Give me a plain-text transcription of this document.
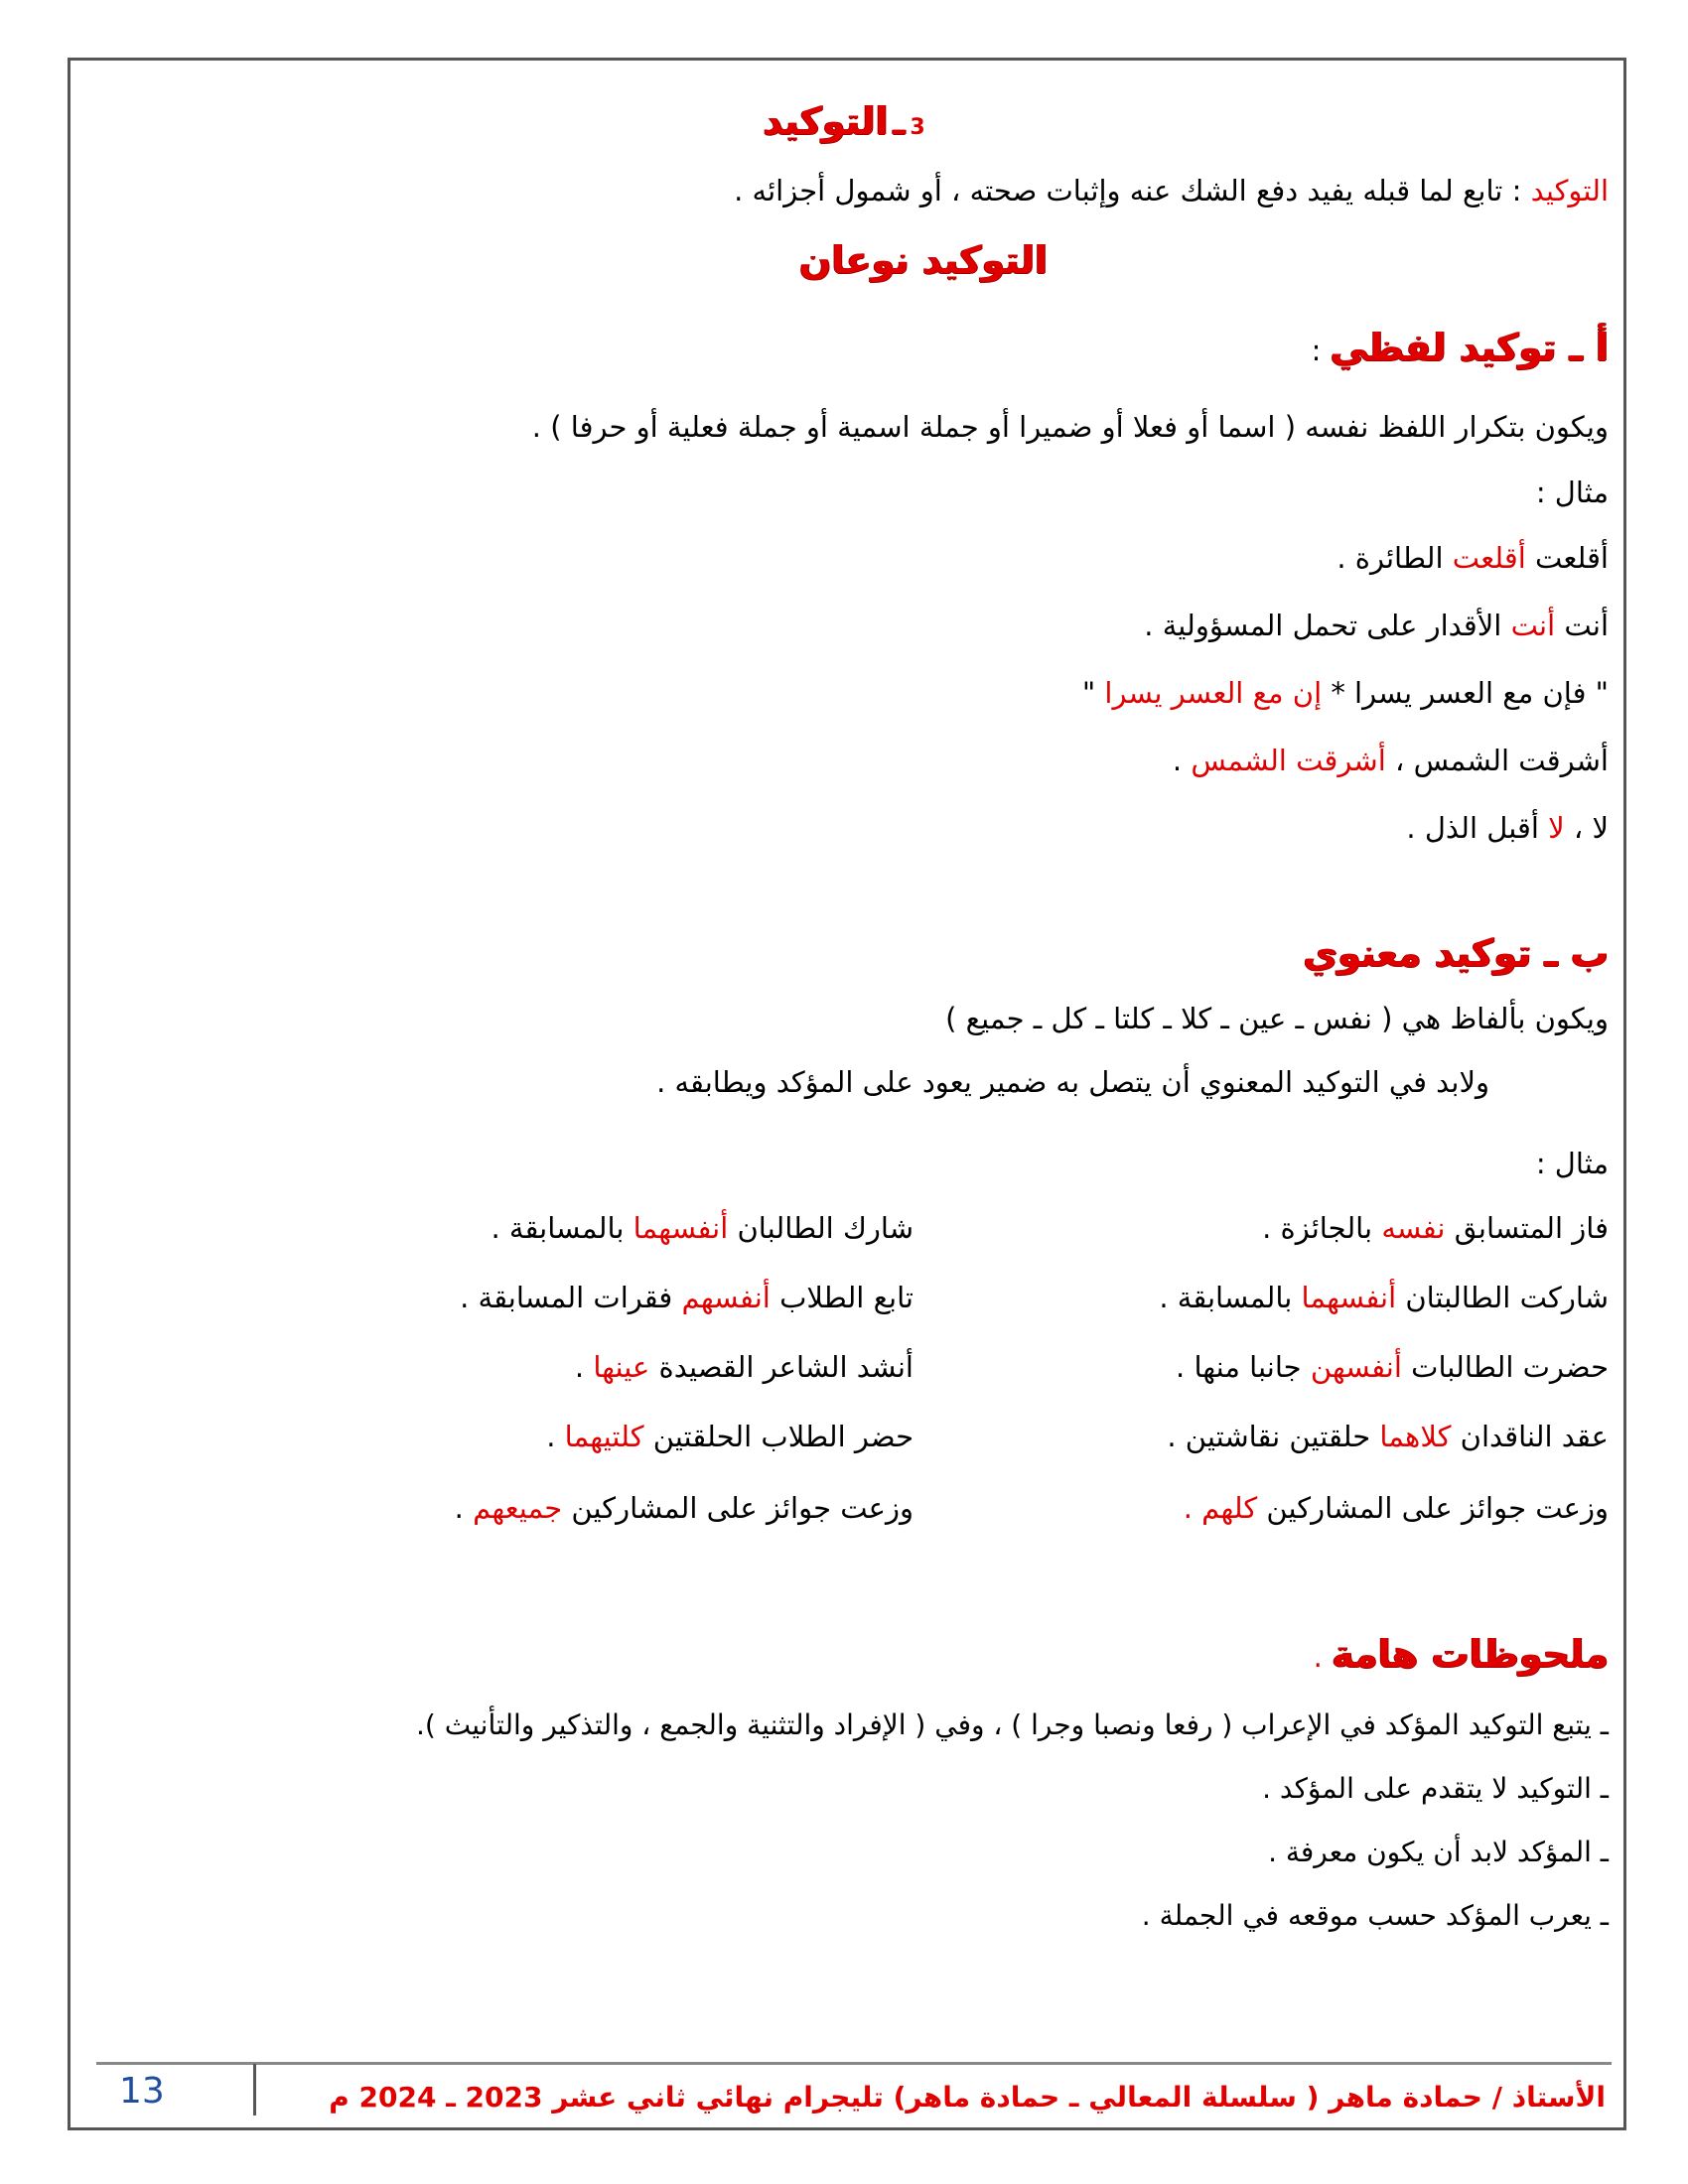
3 ـ التوكيد
التوكيد : تابع لما قبله يفيد دفع الشك عنه وإثبات صحته ، أو شمول أجزائه .
التوكيد نوعان
أ ـ توكيد لفظي :
ويكون بتكرار اللفظ نفسه ( اسما أو فعلا أو ضميرا أو جملة اسمية أو جملة فعلية أو حرفا ) .
مثال :
أقلعت أقلعت الطائرة .
أنت أنت الأقدار على تحمل المسؤولية .
" فإن مع العسر يسرا * إن مع العسر يسرا "
أشرقت الشمس ، أشرقت الشمس .
لا ، لا أقبل الذل .
ب ـ توكيد معنوي
ويكون بألفاظ هي ( نفس ـ عين ـ كلا ـ كلتا ـ كل ـ جميع )
ولابد في التوكيد المعنوي أن يتصل به ضمير يعود على المؤكد ويطابقه .
مثال :
فاز المتسابق نفسه بالجائزة .
شارك الطالبان أنفسهما بالمسابقة .
شاركت الطالبتان أنفسهما بالمسابقة .
تابع الطلاب أنفسهم فقرات المسابقة .
حضرت الطالبات أنفسهن جانبا منها .
أنشد الشاعر القصيدة عينها .
عقد الناقدان كلاهما حلقتين نقاشتين .
حضر الطلاب الحلقتين كلتيهما .
وزعت جوائز على المشاركين كلهم .
وزعت جوائز على المشاركين جميعهم .
ملحوظات هامة .
ـ يتبع التوكيد المؤكد في الإعراب ( رفعا ونصبا وجرا ) ، وفي ( الإفراد والتثنية والجمع ، والتذكير والتأنيث ).
ـ التوكيد لا يتقدم على المؤكد .
ـ المؤكد لابد أن يكون معرفة .
ـ يعرب المؤكد حسب موقعه في الجملة .
13	الأستاذ / حمادة ماهر ( سلسلة المعالي ـ حمادة ماهر) تليجرام نهائي ثاني عشر 2023 ـ 2024 م
